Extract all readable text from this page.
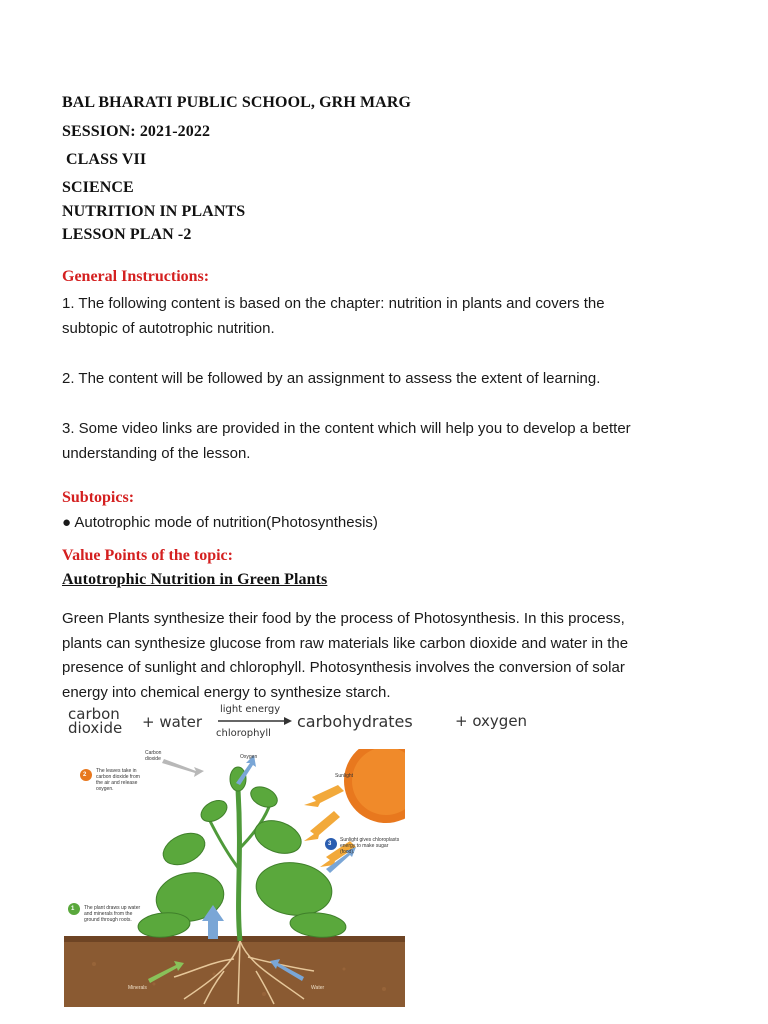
BAL BHARATI PUBLIC SCHOOL, GRH MARG
SESSION: 2021-2022
CLASS VII
SCIENCE
NUTRITION IN PLANTS
LESSON PLAN -2
General Instructions:
1. The following content is based on the chapter: nutrition in plants and covers the
subtopic of autotrophic nutrition.
2. The content will be followed by an assignment to assess the extent of learning.
3. Some video links are provided in the content which will help you to develop a better
understanding of the lesson.
Subtopics:
● Autotrophic mode of nutrition(Photosynthesis)
Value Points of the topic:
Autotrophic Nutrition in Green Plants
Green Plants synthesize their food by the process of Photosynthesis. In this process,
plants can synthesize glucose from raw materials like carbon dioxide and water in the
presence of sunlight and chlorophyll. Photosynthesis involves the conversion of solar
energy into chemical energy to synthesize starch.
carbon
dioxide + water
light energy
chlorophyll
carbohydrates	+ oxygen
Carbon dioxide	Oxygen
Sunlight
2
The leaves take in carbon dioxide from the air and release oxygen.
3
Sunlight gives chloroplasts energy to make sugar (food).
1 The plant draws up water and minerals from the ground through roots.
Minerals	Water
